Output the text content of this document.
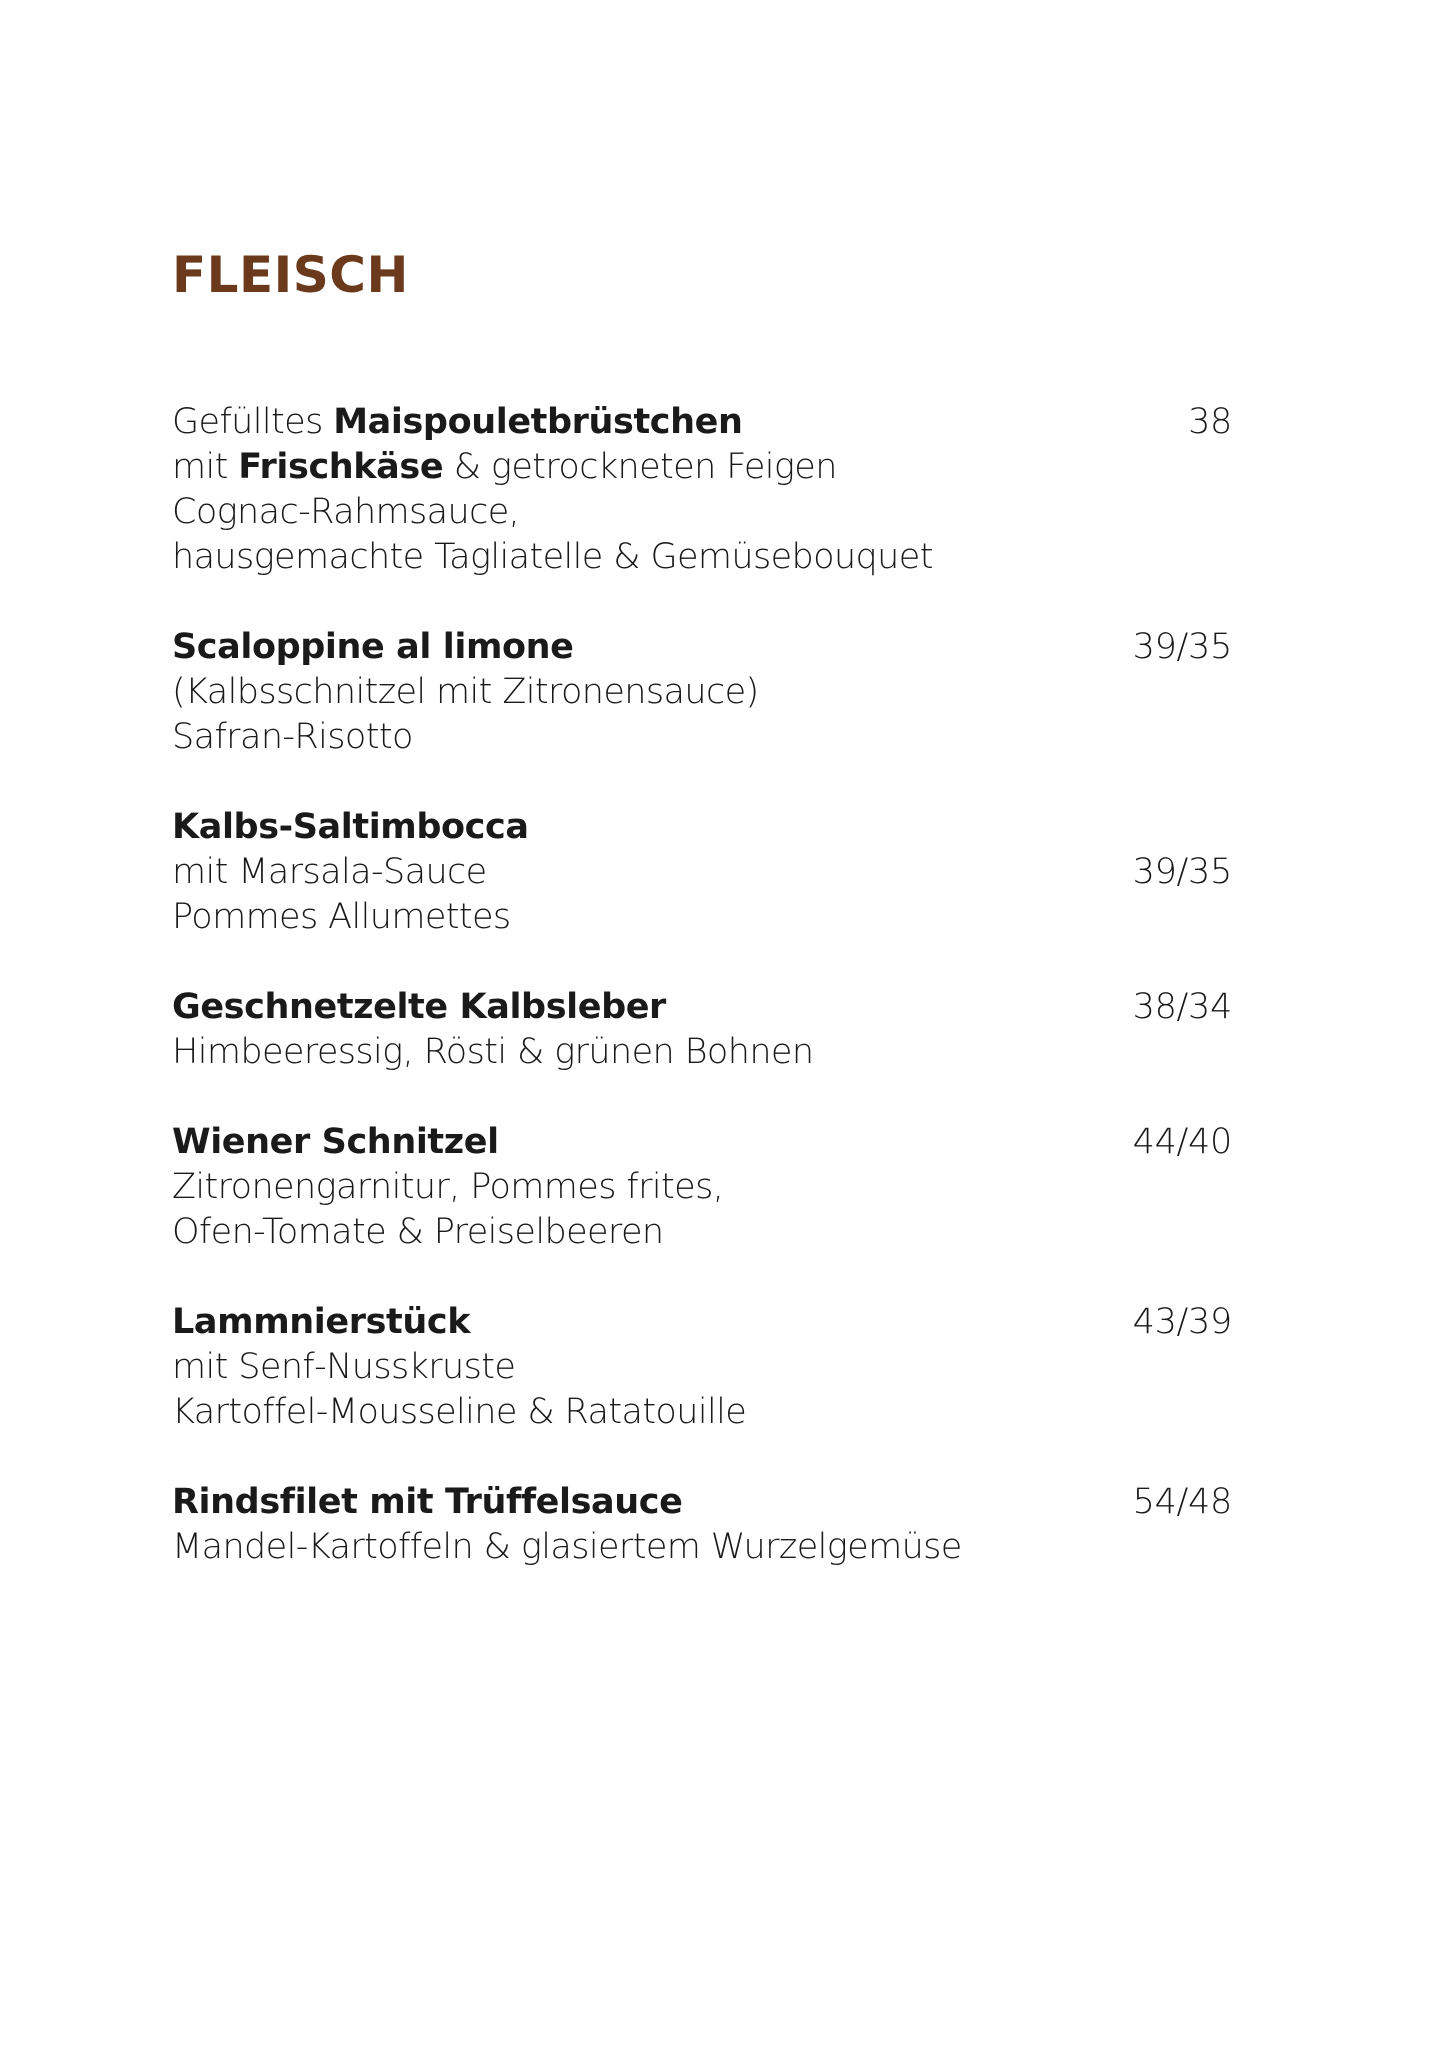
FLEISCH
Gefülltes Maispouletbrüstchen	38
mit Frischkäse & getrockneten Feigen
Cognac-Rahmsauce,
hausgemachte Tagliatelle & Gemüsebouquet
Scaloppine al limone	39/35
(Kalbsschnitzel mit Zitronensauce)
Safran-Risotto
Kalbs-Saltimbocca
mit Marsala-Sauce	39/35
Pommes Allumettes
Geschnetzelte Kalbsleber	38/34
Himbeeressig, Rösti & grünen Bohnen
Wiener Schnitzel	44/40
Zitronengarnitur, Pommes frites,
Ofen-Tomate & Preiselbeeren
Lammnierstück	43/39
mit Senf-Nusskruste
Kartoffel-Mousseline & Ratatouille
Rindsfilet mit Trüffelsauce	54/48
Mandel-Kartoffeln & glasiertem Wurzelgemüse
